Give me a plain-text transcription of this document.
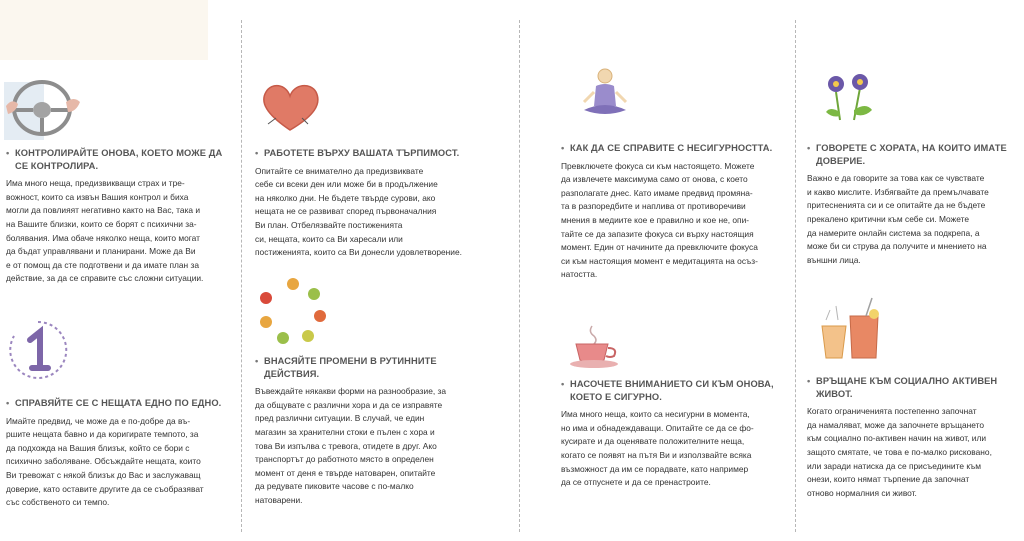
• КОНТРОЛИРАЙТЕ ОНОВА, КОЕТО МОЖЕ ДА
СЕ КОНТРОЛИРА.
Има много неща, предизвикващи страх и тре-
вожност, които са извън Вашия контрол и биха
могли да повлияят негативно както на Вас, така и
на Вашите близки, които се борят с психични за-
болявания. Има обаче няколко неща, които могат
да бъдат управлявани и планирани. Може да Ви
е от помощ да сте подготвени и да имате план за
действие, за да се справите със сложни ситуации.
• СПРАВЯЙТЕ СЕ С НЕЩАТА ЕДНО ПО ЕДНО.
Имайте предвид, че може да е по-добре да въ-
ршите нещата бавно и да коригирате темпото, за
да подхожда на Вашия близък, който се бори с
психично заболяване. Обсъждайте нещата, които
Ви тревожат с някой близък до Вас и заслужаващ
доверие, като оставите другите да се съобразяват
със собственото си темпо.
• РАБОТЕТЕ ВЪРХУ ВАШАТА ТЪРПИМОСТ.
Опитайте се внимателно да предизвиквате
себе си всеки ден или може би в продължение
на няколко дни. Не бъдете твърде сурови, ако
нещата не се развиват според първоначалния
Ви план. Отбелязвайте постиженията
си, нещата, които са Ви харесали или
постиженията, които са Ви донесли удовлетворение.
• ВНАСЯЙТЕ ПРОМЕНИ В РУТИННИТЕ
ДЕЙСТВИЯ.
Въвеждайте някакви форми на разнообразие, за
да общувате с различни хора и да се изправяте
пред различни ситуации. В случай, че един
магазин за хранителни стоки е пълен с хора и
това Ви изпълва с тревога, отидете в друг. Ако
транспортът до работното място в определен
момент от деня е твърде натоварен, опитайте
да редувате пиковите часове с по-малко
натоварени.
• КАК ДА СЕ СПРАВИТЕ С НЕСИГУРНОСТТА.
Превключете фокуса си към настоящето. Можете
да извлечете максимума само от онова, с което
разполагате днес. Като имаме предвид промяна-
та в разпоредбите и наплива от противоречиви
мнения в медиите кое е правилно и кое не, опи-
тайте се да запазите фокуса си върху настоящия
момент. Един от начините да превключите фокуса
си към настоящия момент е медитацията на осъз-
натостта.
• НАСОЧЕТЕ ВНИМАНИЕТО СИ КЪМ ОНОВА,
КОЕТО Е СИГУРНО.
Има много неща, които са несигурни в момента,
но има и обнадеждаващи. Опитайте се да се фо-
кусирате и да оценявате положителните неща,
когато се появят на пътя Ви и използвайте всяка
възможност да им се порадвате, като например
да се отпуснете и да се пренастроите.
• ГОВОРЕТЕ С ХОРАТА, НА КОИТО ИМАТЕ
ДОВЕРИЕ.
Важно е да говорите за това как се чувствате
и какво мислите. Избягвайте да премълчавате
притесненията си и се опитайте да не бъдете
прекалено критични към себе си. Можете
да намерите онлайн система за подкрепа, а
може би си струва да получите и мнението на
външни лица.
• ВРЪЩАНЕ КЪМ СОЦИАЛНО АКТИВЕН
ЖИВОТ.
Когато ограниченията постепенно започнат
да намаляват, може да започнете връщането
към социално по-активен начин на живот, или
защото смятате, че това е по-малко рисковано,
или заради натиска да се присъедините към
онези, които нямат търпение да започнат
отново нормалния си живот.
